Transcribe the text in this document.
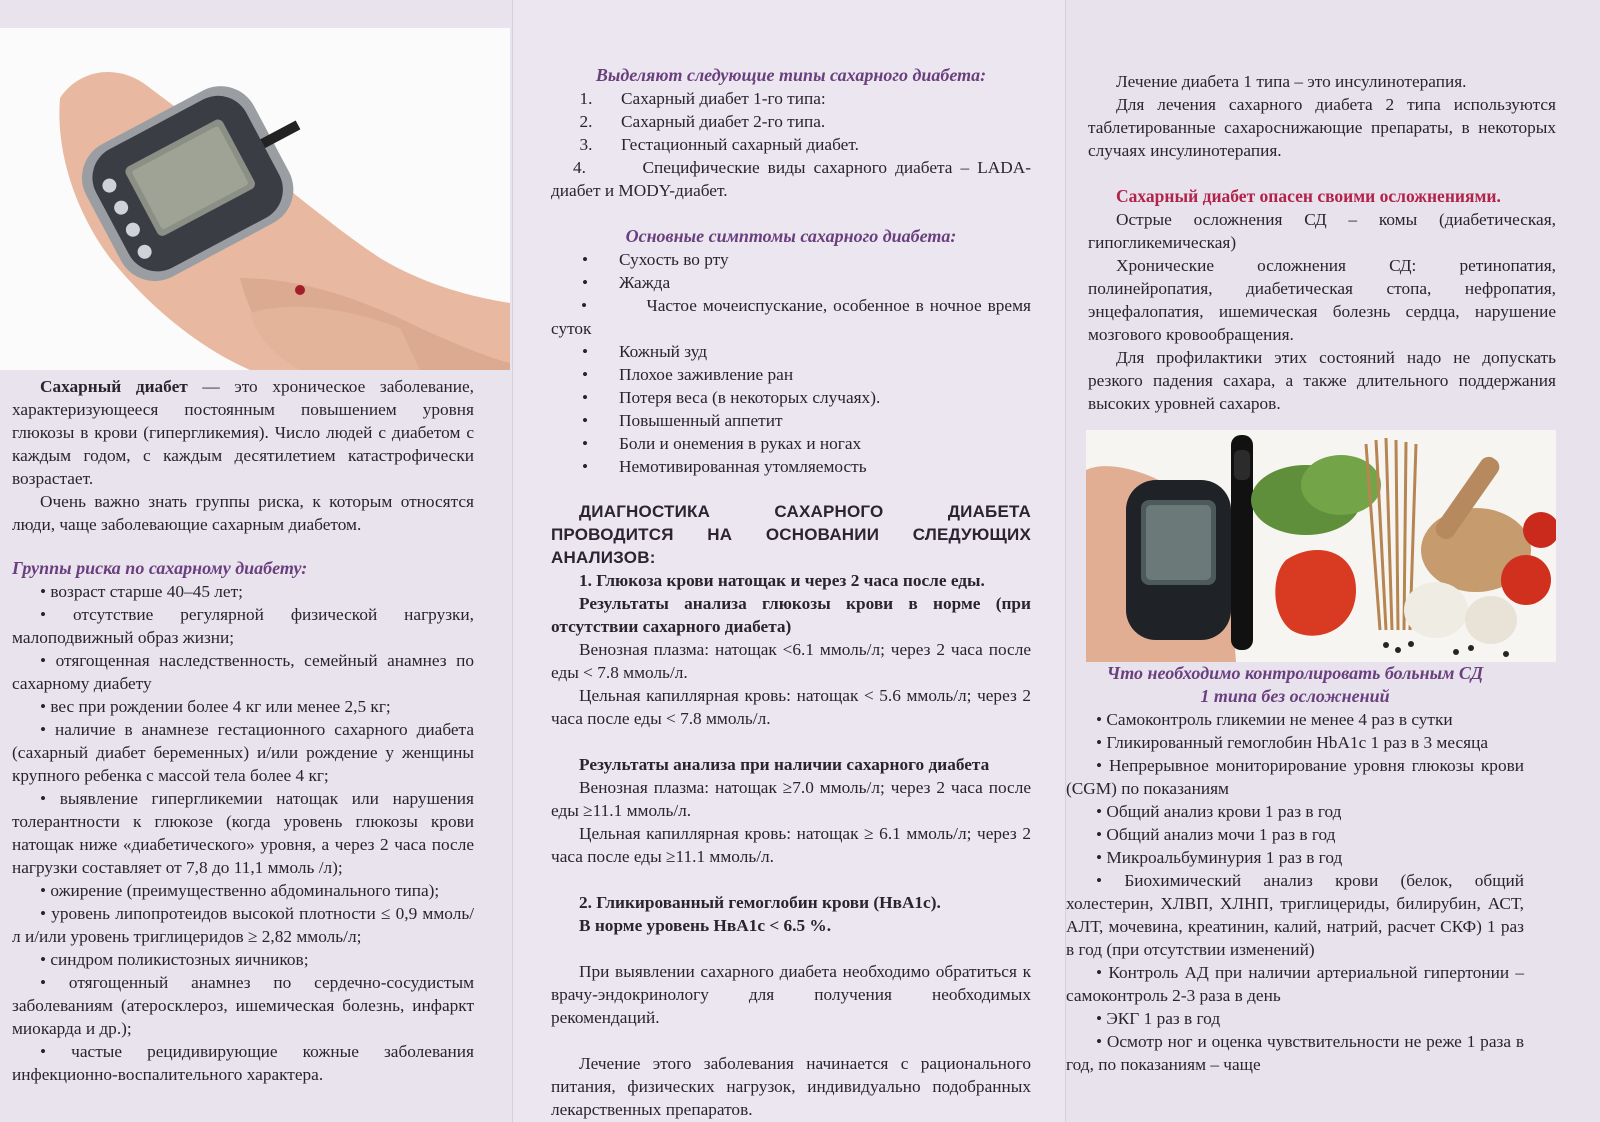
Сахарный диабет — это хроническое заболевание, характеризующееся постоянным повышением уровня глюкозы в крови (гипергликемия). Число людей с диабетом с каждым годом, с каждым десятилетием катастрофически возрастает.

Очень важно знать группы риска, к которым относятся люди, чаще заболевающие сахарным диабетом.

Группы риска по сахарному диабету:

• возраст старше 40–45 лет;

• отсутствие регулярной физической нагрузки, малоподвижный образ жизни;

• отягощенная наследственность, семейный анамнез по сахарному диабету

• вес при рождении более 4 кг или менее 2,5 кг;

• наличие в анамнезе гестационного сахарного диабета (сахарный диабет беременных) и/или рождение у женщины крупного ребенка с массой тела более 4 кг;

• выявление гипергликемии натощак или нарушения толерантности к глюкозе (когда уровень глюкозы крови натощак ниже «диабетического» уровня, а через 2 часа после нагрузки составляет от 7,8 до 11,1 ммоль /л);

• ожирение (преимущественно абдоминального типа);

• уровень липопротеидов высокой плотности ≤ 0,9 ммоль/л и/или уровень триглицеридов ≥ 2,82 ммоль/л;

• синдром поликистозных яичников;

• отягощенный анамнез по сердечно-сосудистым заболеваниям (атеросклероз, ишемическая болезнь, инфаркт миокарда и др.);

• частые рецидивирующие кожные заболевания инфекционно-воспалительного характера.

Выделяют следующие типы сахарного диабета:

1.	Сахарный диабет 1-го типа:
2.	Сахарный диабет 2-го типа.
3.	Гестационный сахарный диабет.

4.	Специфические виды сахарного диабета – LADA-диабет и MODY-диабет.

Основные симптомы сахарного диабета:

•	Сухость во рту
•	Жажда

•          Частое мочеиспускание, особенное в ночное время суток

•	Кожный зуд
•	Плохое заживление ран
•	Потеря веса (в некоторых случаях).
•	Повышенный аппетит
•	Боли и онемения в руках и ногах
•	Немотивированная утомляемость

ДИАГНОСТИКА САХАРНОГО ДИАБЕТА ПРОВОДИТСЯ НА ОСНОВАНИИ СЛЕДУЮЩИХ АНАЛИЗОВ:

1. Глюкоза крови натощак и через 2 часа после еды.

Результаты анализа глюкозы крови в норме (при отсутствии сахарного диабета)

Венозная плазма: натощак <6.1 ммоль/л; через 2 часа после еды < 7.8 ммоль/л.

Цельная капиллярная кровь: натощак < 5.6 ммоль/л; через 2 часа после еды < 7.8 ммоль/л.

Результаты анализа при наличии сахарного диабета

Венозная плазма: натощак ≥7.0 ммоль/л; через 2 часа после еды ≥11.1 ммоль/л.

Цельная капиллярная кровь: натощак ≥ 6.1 ммоль/л; через 2 часа после еды ≥11.1 ммоль/л.

2. Гликированный гемоглобин крови (НвА1с).

В норме уровень НвА1с < 6.5 %.

При выявлении сахарного диабета необходимо обратиться к врачу-эндокринологу для получения необходимых рекомендаций.

Лечение этого заболевания начинается с рационального питания, физических нагрузок, индивидуально подобранных лекарственных препаратов.

Лечение диабета 1 типа – это инсулинотерапия.

Для лечения сахарного диабета 2 типа используются таблетированные сахароснижающие препараты, в некоторых случаях инсулинотерапия.

Сахарный диабет опасен своими осложнениями.

Острые осложнения СД – комы (диабетическая, гипогликемическая)

Хронические осложнения СД: ретинопатия, полинейропатия, диабетическая стопа, нефропатия, энцефалопатия, ишемическая болезнь сердца, нарушение мозгового кровообращения.

Для профилактики этих состояний надо не допускать резкого падения сахара, а также длительного поддержания высоких уровней сахаров.

Что необходимо контролировать больным СД

1 типа без осложнений

• Самоконтроль гликемии не менее 4 раз в сутки

• Гликированный гемоглобин HbA1c 1 раз в 3 месяца

• Непрерывное мониторирование уровня глюкозы крови (CGM) по показаниям

• Общий анализ крови 1 раз в год

• Общий анализ мочи 1 раз в год

• Микроальбуминурия 1 раз в год

• Биохимический анализ крови (белок, общий холестерин, ХЛВП, ХЛНП, триглицериды, билирубин, АСТ, АЛТ, мочевина, креатинин, калий, натрий, расчет СКФ) 1 раз в год (при отсутствии изменений)

• Контроль АД при наличии артериальной гипертонии – самоконтроль 2-3 раза в день

• ЭКГ 1 раз в год

• Осмотр ног и оценка чувствительности не реже 1 раза в год, по показаниям – чаще
